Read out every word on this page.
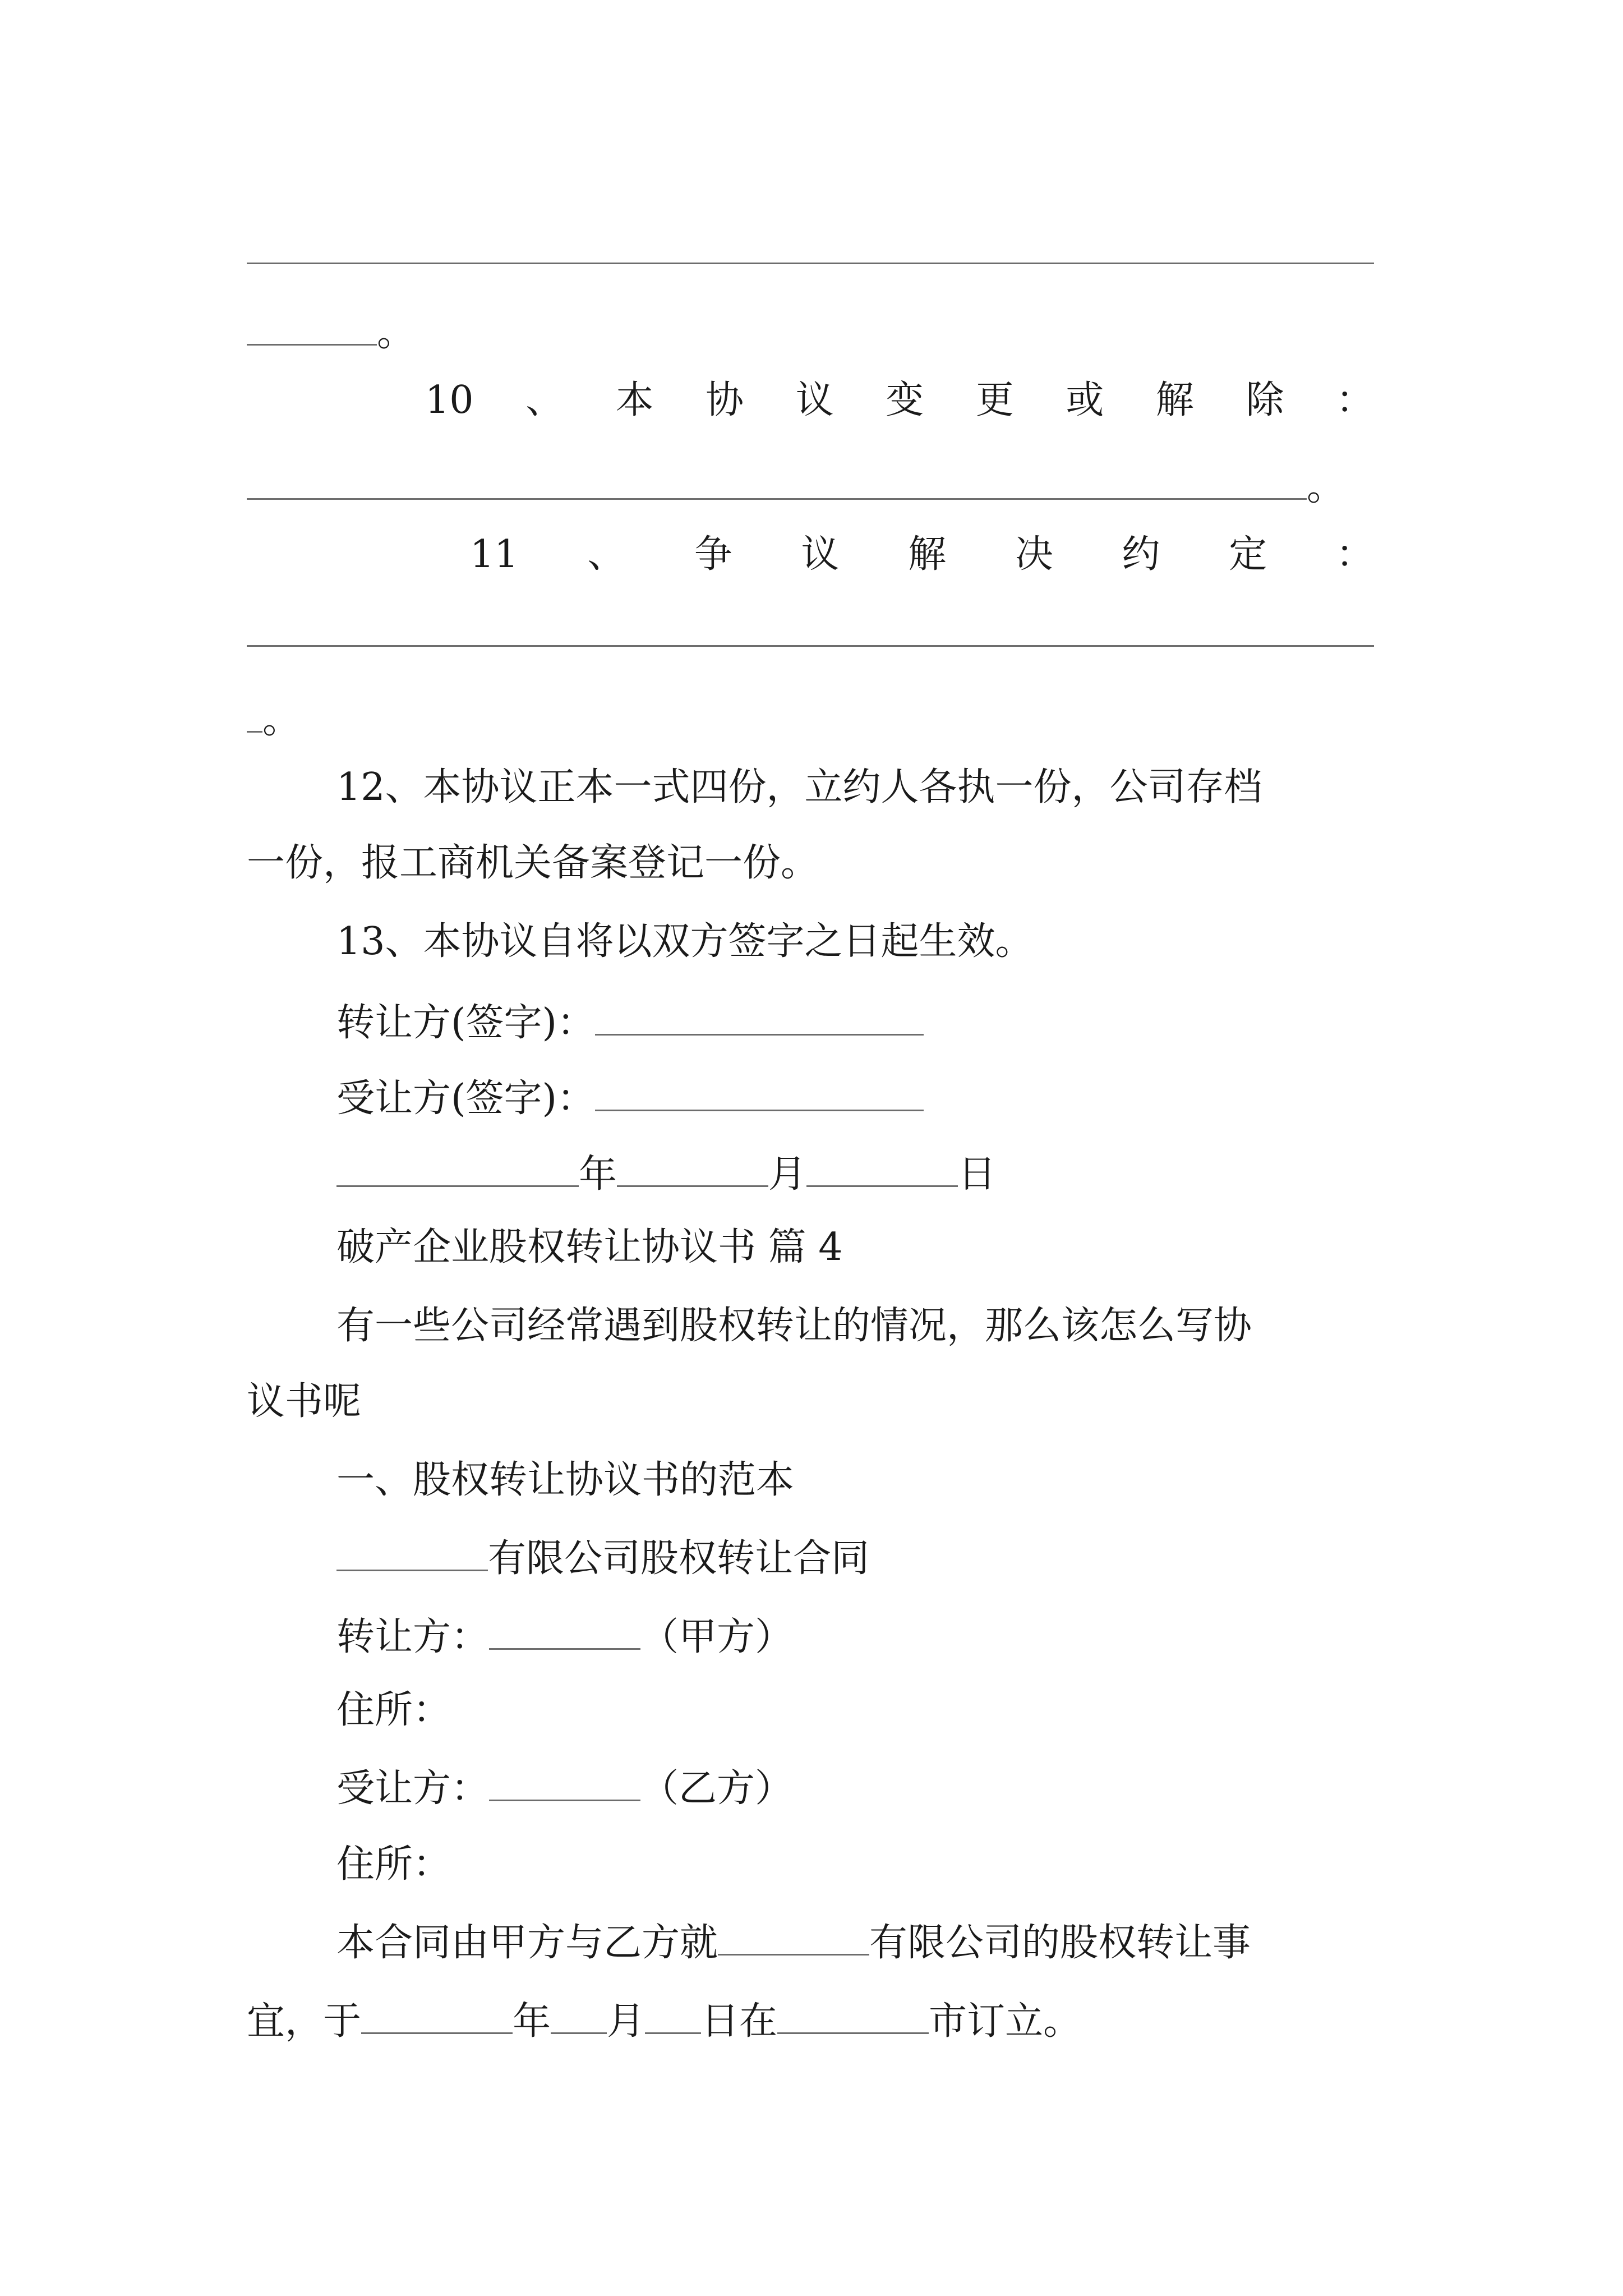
。
10 、 本 协 议 变 更 或 解 除 ：
。
11 、 争 议 解 决 约 定 ：
。
12、本协议正本一式四份，立约人各执一份，公司存档
一份，报工商机关备案登记一份。
13、本协议自将以双方签字之日起生效。
转让方(签字)：
受让方(签字)：
年	月	日
破产企业股权转让协议书 篇 4
有一些公司经常遇到股权转让的情况，那么该怎么写协
议书呢
一、股权转让协议书的范本
有限公司股权转让合同
转让方：	（甲方）
住所：
受让方：	（乙方）
住所：
本合同由甲方与乙方就	有限公司的股权转让事
宜，于	年 月 日在	市订立。
